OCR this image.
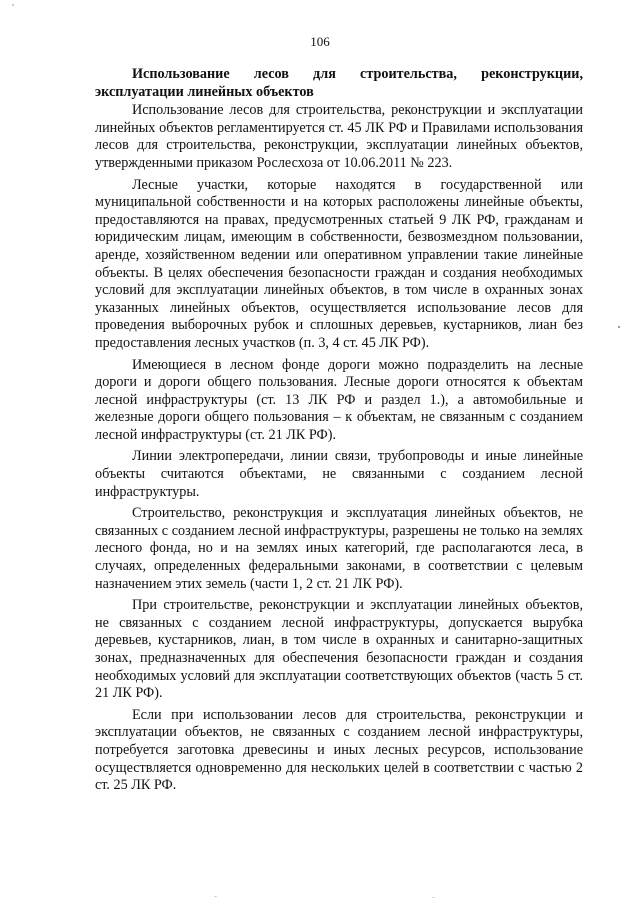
106

Использование лесов для строительства, реконструкции, эксплуатации линейных объектов

Использование лесов для строительства, реконструкции и эксплуатации линейных объектов регламентируется ст. 45 ЛК РФ и Правилами использования лесов для строительства, реконструкции, эксплуатации линейных объектов, утвержденными приказом Рослесхоза от 10.06.2011 № 223.

Лесные участки, которые находятся в государственной или муниципальной собственности и на которых расположены линейные объекты, предоставляются на правах, предусмотренных статьей 9 ЛК РФ, гражданам и юридическим лицам, имеющим в собственности, безвозмездном пользовании, аренде, хозяйственном ведении или оперативном управлении такие линейные объекты. В целях обеспечения безопасности граждан и создания необходимых условий для эксплуатации линейных объектов, в том числе в охранных зонах указанных линейных объектов, осуществляется использование лесов для проведения выборочных рубок и сплошных деревьев, кустарников, лиан без предоставления лесных участков (п. 3, 4 ст. 45 ЛК РФ).

Имеющиеся в лесном фонде дороги можно подразделить на лесные дороги и дороги общего пользования. Лесные дороги относятся к объектам лесной инфраструктуры (ст. 13 ЛК РФ и раздел 1.), а автомобильные и железные дороги общего пользования – к объектам, не связанным с созданием лесной инфраструктуры (ст. 21 ЛК РФ).

Линии электропередачи, линии связи, трубопроводы и иные линейные объекты считаются объектами, не связанными с созданием лесной инфраструктуры.

Строительство, реконструкция и эксплуатация линейных объектов, не связанных с созданием лесной инфраструктуры, разрешены не только на землях лесного фонда, но и на землях иных категорий, где располагаются леса, в случаях, определенных федеральными законами, в соответствии с целевым назначением этих земель (части 1, 2 ст. 21 ЛК РФ).

При строительстве, реконструкции и эксплуатации линейных объектов, не связанных с созданием лесной инфраструктуры, допускается вырубка деревьев, кустарников, лиан, в том числе в охранных и санитарно-защитных зонах, предназначенных для обеспечения безопасности граждан и создания необходимых условий для эксплуатации соответствующих объектов (часть 5 ст. 21 ЛК РФ).

Если при использовании лесов для строительства, реконструкции и эксплуатации объектов, не связанных с созданием лесной инфраструктуры, потребуется заготовка древесины и иных лесных ресурсов, использование осуществляется одновременно для нескольких целей в соответствии с частью 2 ст. 25 ЛК РФ.
